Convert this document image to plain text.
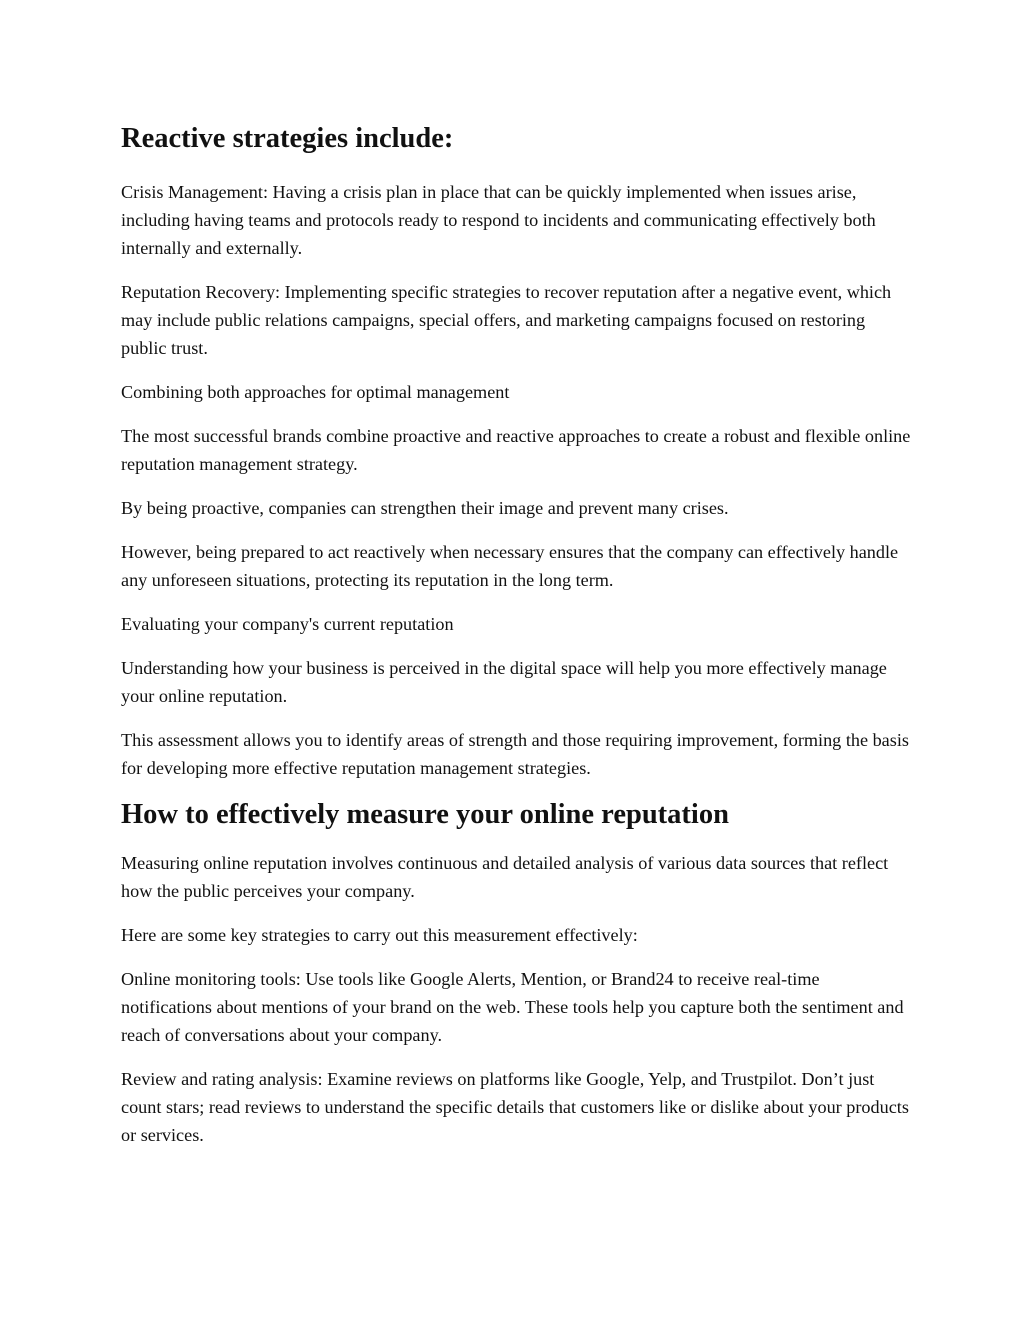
Reactive strategies include:

Crisis Management: Having a crisis plan in place that can be quickly implemented when issues arise, including having teams and protocols ready to respond to incidents and communicating effectively both internally and externally.

Reputation Recovery: Implementing specific strategies to recover reputation after a negative event, which may include public relations campaigns, special offers, and marketing campaigns focused on restoring public trust.

Combining both approaches for optimal management

The most successful brands combine proactive and reactive approaches to create a robust and flexible online reputation management strategy.

By being proactive, companies can strengthen their image and prevent many crises.

However, being prepared to act reactively when necessary ensures that the company can effectively handle any unforeseen situations, protecting its reputation in the long term.

Evaluating your company's current reputation

Understanding how your business is perceived in the digital space will help you more effectively manage your online reputation.

This assessment allows you to identify areas of strength and those requiring improvement, forming the basis for developing more effective reputation management strategies.

How to effectively measure your online reputation

Measuring online reputation involves continuous and detailed analysis of various data sources that reflect how the public perceives your company.

Here are some key strategies to carry out this measurement effectively:

Online monitoring tools: Use tools like Google Alerts, Mention, or Brand24 to receive real-time notifications about mentions of your brand on the web. These tools help you capture both the sentiment and reach of conversations about your company.

Review and rating analysis: Examine reviews on platforms like Google, Yelp, and Trustpilot. Don’t just count stars; read reviews to understand the specific details that customers like or dislike about your products or services.
